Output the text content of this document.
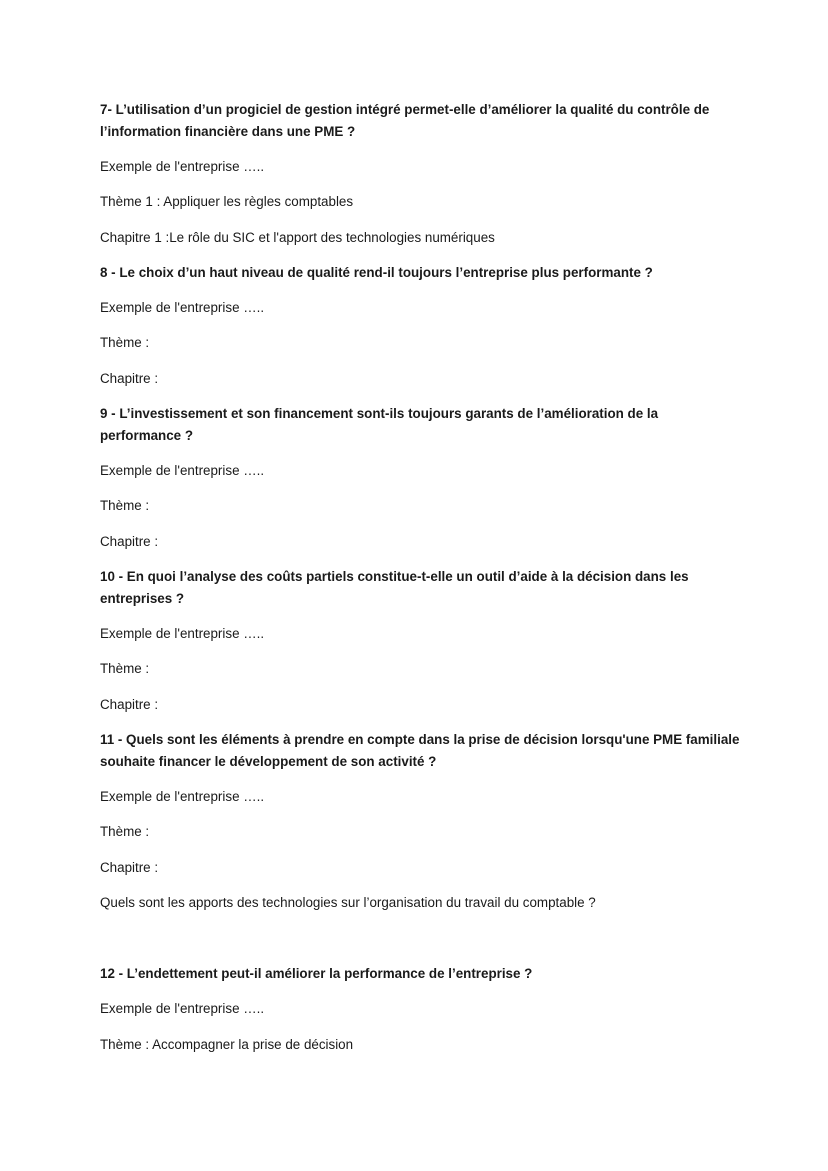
7- L’utilisation d’un progiciel de gestion intégré permet-elle d’améliorer la qualité du contrôle de l’information financière dans une PME ?
Exemple de l'entreprise …..
Thème 1 : Appliquer les règles comptables
Chapitre 1 :Le rôle du SIC et l'apport des technologies numériques
8 - Le choix d’un haut niveau de qualité rend-il toujours l’entreprise plus performante ?
Exemple de l'entreprise …..
Thème :
Chapitre :
9 - L’investissement et son financement sont-ils toujours garants de l’amélioration de la performance ?
Exemple de l'entreprise …..
Thème :
Chapitre :
10 - En quoi l’analyse des coûts partiels constitue-t-elle un outil d’aide à la décision dans les entreprises ?
Exemple de l'entreprise …..
Thème :
Chapitre :
11 - Quels sont les éléments à prendre en compte dans la prise de décision lorsqu'une PME familiale souhaite financer le développement de son activité ?
Exemple de l'entreprise …..
Thème :
Chapitre :
Quels sont les apports des technologies sur l’organisation du travail du comptable ?
12 - L’endettement peut-il améliorer la performance de l’entreprise ?
Exemple de l'entreprise …..
Thème : Accompagner la prise de décision
